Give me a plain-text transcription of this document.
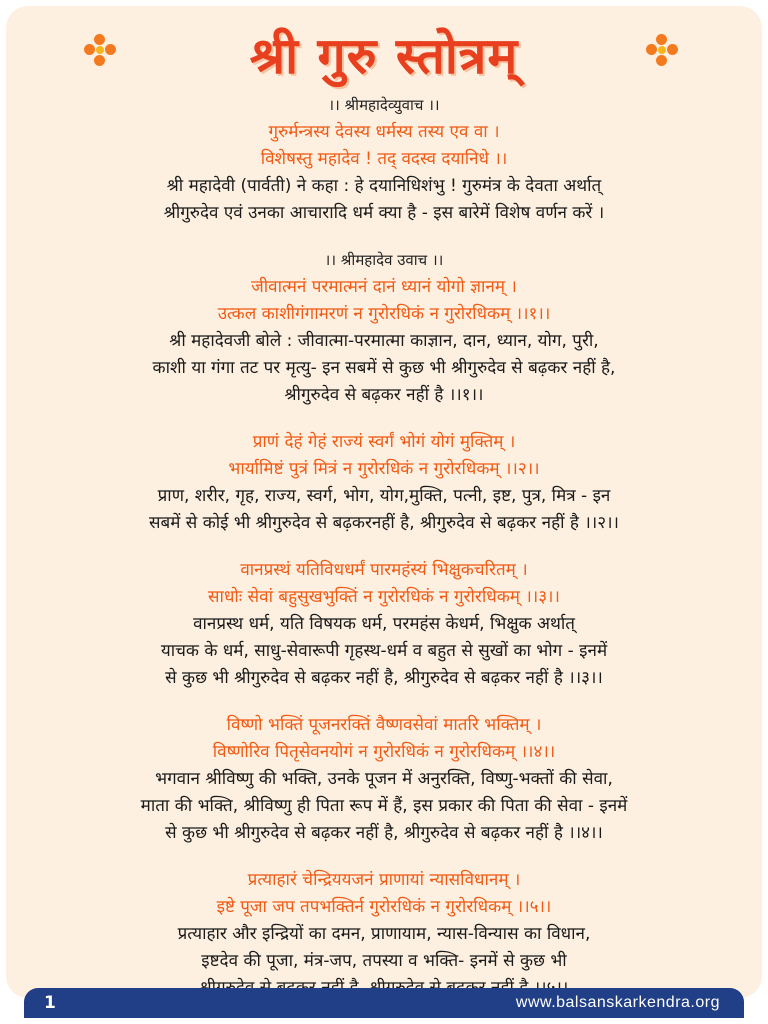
श्री गुरु स्तोत्रम्
।। श्रीमहादेव्युवाच ।।
गुरुर्मन्त्रस्य देवस्य धर्मस्य तस्य एव वा ।
विशेषस्तु महादेव ! तद् वदस्व दयानिधे ।।
श्री महादेवी (पार्वती) ने कहा : हे दयानिधिशंभु ! गुरुमंत्र के देवता अर्थात्
श्रीगुरुदेव एवं उनका आचारादि धर्म क्या है - इस बारेमें विशेष वर्णन करें ।
।। श्रीमहादेव उवाच ।।
जीवात्मनं परमात्मनं दानं ध्यानं योगो ज्ञानम् ।
उत्कल काशीगंगामरणं न गुरोरधिकं न गुरोरधिकम् ।।१।।
श्री महादेवजी बोले : जीवात्मा-परमात्मा काज्ञान, दान, ध्यान, योग, पुरी,
काशी या गंगा तट पर मृत्यु- इन सबमें से कुछ भी श्रीगुरुदेव से बढ़कर नहीं है,
श्रीगुरुदेव से बढ़कर नहीं है ।।१।।
प्राणं देहं गेहं राज्यं स्वर्गं भोगं योगं मुक्तिम् ।
भार्यामिष्टं पुत्रं मित्रं न गुरोरधिकं न गुरोरधिकम् ।।२।।
प्राण, शरीर, गृह, राज्य, स्वर्ग, भोग, योग,मुक्ति, पत्नी, इष्ट, पुत्र, मित्र - इन
सबमें से कोई भी श्रीगुरुदेव से बढ़करनहीं है, श्रीगुरुदेव से बढ़कर नहीं है ।।२।।
वानप्रस्थं यतिविधधर्मं पारमहंस्यं भिक्षुकचरितम् ।
साधोः सेवां बहुसुखभुक्तिं न गुरोरधिकं न गुरोरधिकम् ।।३।।
वानप्रस्थ धर्म, यति विषयक धर्म, परमहंस केधर्म, भिक्षुक अर्थात्
याचक के धर्म, साधु-सेवारूपी गृहस्थ-धर्म व बहुत से सुखों का भोग - इनमें
से कुछ भी श्रीगुरुदेव से बढ़कर नहीं है, श्रीगुरुदेव से बढ़कर नहीं है ।।३।।
विष्णो भक्तिं पूजनरक्तिं वैष्णवसेवां मातरि भक्तिम् ।
विष्णोरिव पितृसेवनयोगं न गुरोरधिकं न गुरोरधिकम् ।।४।।
भगवान श्रीविष्णु की भक्ति, उनके पूजन में अनुरक्ति, विष्णु-भक्तों की सेवा,
माता की भक्ति, श्रीविष्णु ही पिता रूप में हैं, इस प्रकार की पिता की सेवा - इनमें
से कुछ भी श्रीगुरुदेव से बढ़कर नहीं है, श्रीगुरुदेव से बढ़कर नहीं है ।।४।।
प्रत्याहारं चेन्द्रिययजनं प्राणायां न्यासविधानम् ।
इष्टे पूजा जप तपभक्तिर्न गुरोरधिकं न गुरोरधिकम् ।।५।।
प्रत्याहार और इन्द्रियों का दमन, प्राणायाम, न्यास-विन्यास का विधान,
इष्टदेव की पूजा, मंत्र-जप, तपस्या व भक्ति- इनमें से कुछ भी
1	www.balsanskarkendra.org
